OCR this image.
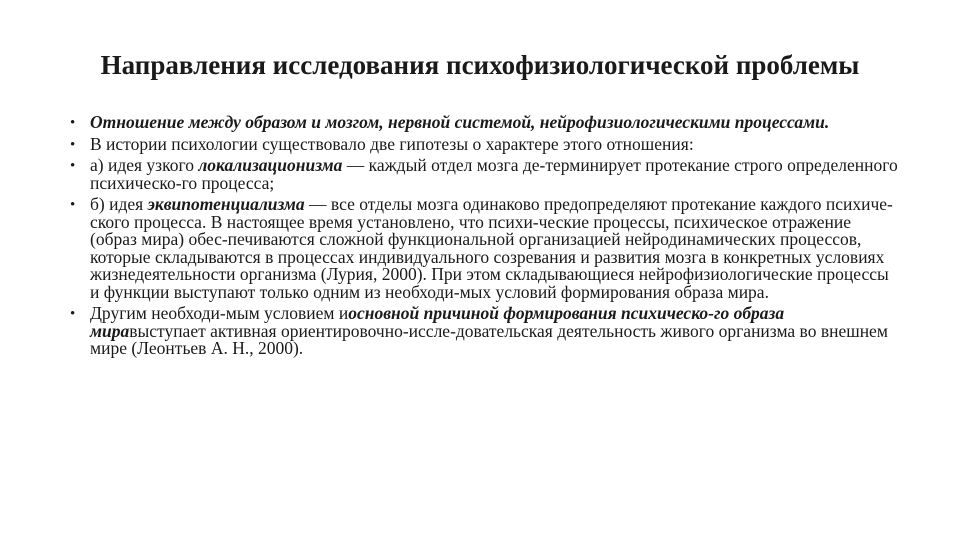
Направления исследования психофизиологической проблемы
• Отношение между образом и мозгом, нервной системой, нейрофизиологическими процессами.
• В истории психологии существовало две гипотезы о характере этого отношения:
• а) идея узкого локализационизма — каждый отдел мозга де-терминирует протекание строго определенного психическо-го процесса;
• б) идея эквипотенциализма — все отделы мозга одинаково предопределяют протекание каждого психиче-ского процесса. В настоящее время установлено, что психи-ческие процессы, психическое отражение (образ мира) обес-печиваются сложной функциональной организацией нейродинамических процессов, которые складываются в процессах индивидуального созревания и развития мозга в конкретных условиях жизнедеятельности организма (Лурия, 2000). При этом складывающиеся нейрофизиологические процессы и функции выступают только одним из необходи-мых условий формирования образа мира.
• Другим необходи-мым условием иосновной причиной формирования психическо-го образа миравыступает активная ориентировочно-иссле-довательская деятельность живого организма во внешнем мире (Леонтьев А. Н., 2000).
